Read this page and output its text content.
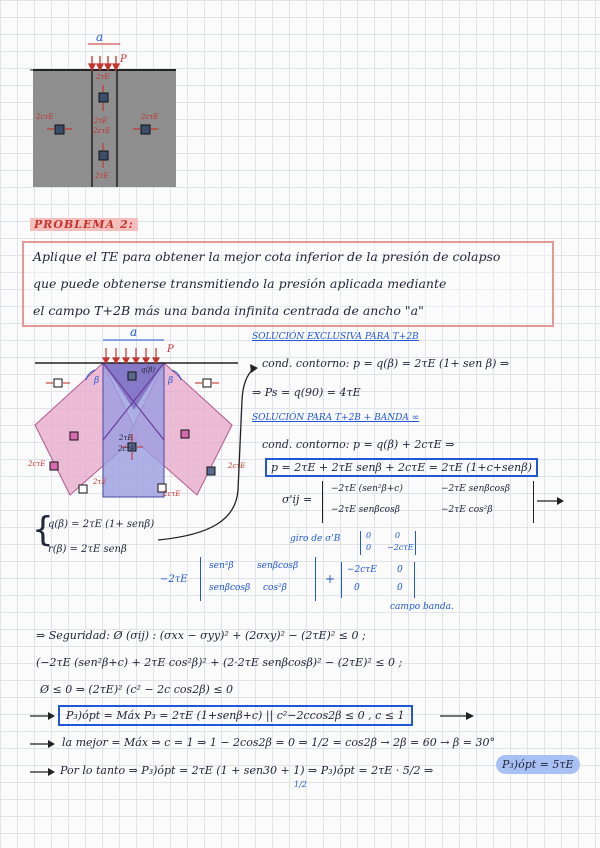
a
P
2τE
2cτE	2cτE
2τE
2cτE
2τE
PROBLEMA 2:
Aplique el TE para obtener la mejor cota inferior de la presión de colapso
que puede obtenerse transmitiendo la presión aplicada mediante
el campo T+2B más una banda infinita centrada de ancho "a"
a
P
β	β
q(β)
2τE
2cτE
2τE
2cτE
2cτE	2cτE
{
q(β) = 2τE (1+ senβ)
r(β) = 2τE senβ
SOLUCIÓN EXCLUSIVA PARA T+2B
cond. contorno: p = q(β) = 2τE (1+ sen β) ⇒
⇒ Ps = q(90) = 4τE
SOLUCIÓN PARA T+2B + BANDA ∞
cond. contorno: p = q(β) + 2cτE ⇒
p = 2τE + 2τE senβ + 2cτE = 2τE (1+c+senβ)
σ'ij =
−2τE (sen²β+c)	−2τE senβcosβ
−2τE senβcosβ	−2τE cos²β
giro de σ'B	0	0
0 −2cτE
−2τE
sen²β	senβcosβ
senβcosβ cos²β
+
−2cτE 0
0	0
campo banda.
⇒ Seguridad: Ø (σij) : (σxx − σyy)² + (2σxy)² − (2τE)² ≤ 0 ;
(−2τE (sen²β+c) + 2τE cos²β)² + (2·2τE senβcosβ)² − (2τE)² ≤ 0 ;
Ø ≤ 0 ⇒ (2τE)² (c² − 2c cos2β) ≤ 0
P₃)ópt = Máx P₃ = 2τE (1+senβ+c) || c²−2ccos2β ≤ 0 , c ≤ 1
la mejor = Máx ⇒ c = 1 ⇒ 1 − 2cos2β = 0 ⇒ 1/2 = cos2β → 2β = 60 → β = 30°
Por lo tanto ⇒ P₃)ópt = 2τE (1 + sen30 + 1) ⇒ P₃)ópt = 2τE · 5/2 ⇒
1/2
P₃)ópt = 5τE
